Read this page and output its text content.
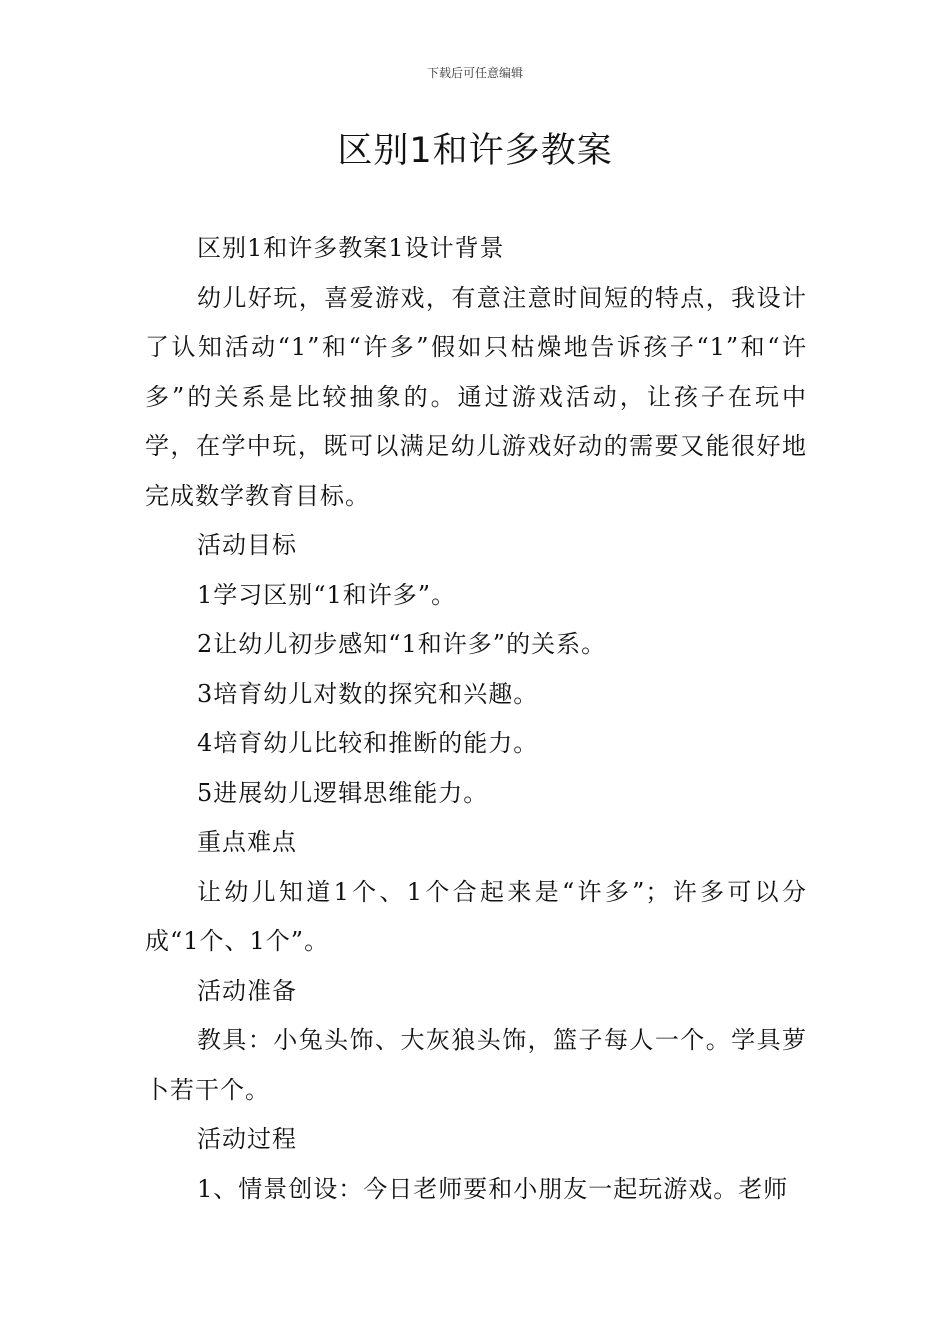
下载后可任意编辑
区别1和许多教案

区别1和许多教案1设计背景

幼儿好玩，喜爱游戏，有意注意时间短的特点，我设计了认知活动“1”和“许多”假如只枯燥地告诉孩子“1”和“许多”的关系是比较抽象的。通过游戏活动，让孩子在玩中学，在学中玩，既可以满足幼儿游戏好动的需要又能很好地完成数学教育目标。

活动目标

1学习区别“1和许多”。

2让幼儿初步感知“1和许多”的关系。

3培育幼儿对数的探究和兴趣。

4培育幼儿比较和推断的能力。

5进展幼儿逻辑思维能力。

重点难点

让幼儿知道1个、1个合起来是“许多”；许多可以分成“1个、1个”。

活动准备

教具：小兔头饰、大灰狼头饰，篮子每人一个。学具萝卜若干个。

活动过程

1、情景创设：今日老师要和小朋友一起玩游戏。老师
